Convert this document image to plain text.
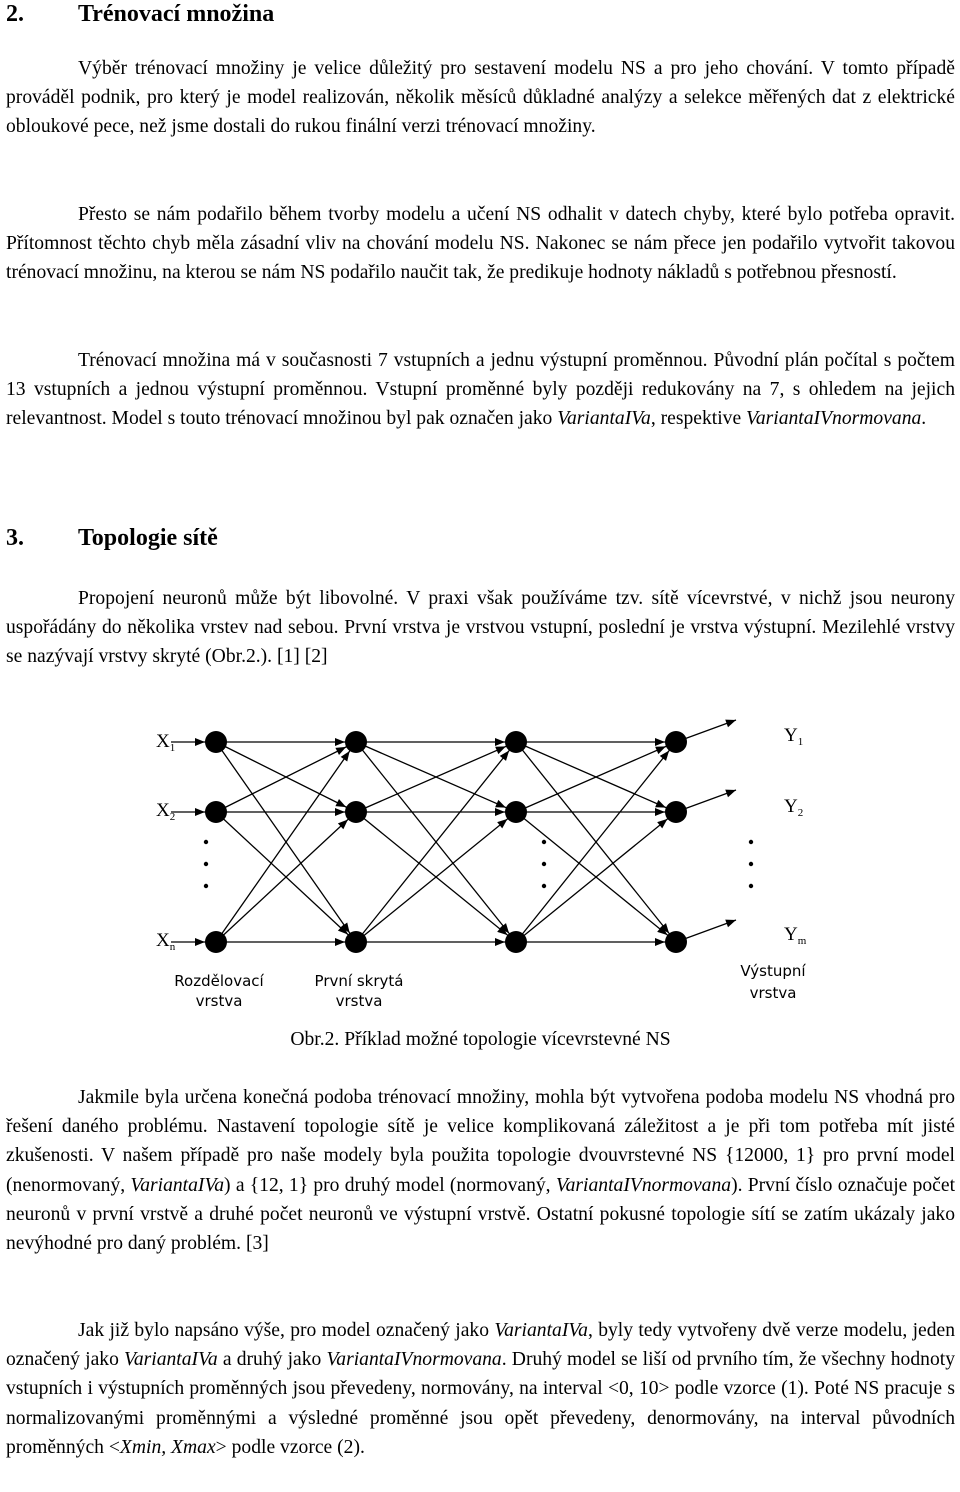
2. Trénovací množina

Výběr trénovací množiny je velice důležitý pro sestavení modelu NS a pro jeho chování. V tomto případě prováděl podnik, pro který je model realizován, několik měsíců důkladné analýzy a selekce měřených dat z elektrické obloukové pece, než jsme dostali do rukou finální verzi trénovací množiny.

Přesto se nám podařilo během tvorby modelu a učení NS odhalit v datech chyby, které bylo potřeba opravit. Přítomnost těchto chyb měla zásadní vliv na chování modelu NS. Nakonec se nám přece jen podařilo vytvořit takovou trénovací množinu, na kterou se nám NS podařilo naučit tak, že predikuje hodnoty nákladů s potřebnou přesností.

Trénovací množina má v současnosti 7 vstupních a jednu výstupní proměnnou. Původní plán počítal s počtem 13 vstupních a jednou výstupní proměnnou. Vstupní proměnné byly později redukovány na 7, s ohledem na jejich relevantnost. Model s touto trénovací množinou byl pak označen jako VariantaIVa, respektive VariantaIVnormovana.

3. Topologie sítě

Propojení neuronů může být libovolné. V praxi však používáme tzv. sítě vícevrstvé, v nichž jsou neurony uspořádány do několika vrstev nad sebou. První vrstva je vrstvou vstupní, poslední je vrstva výstupní. Mezilehlé vrstvy se nazývají vrstvy skryté (Obr.2.). [1] [2]

$X_1$
$X_2$
$X_n$
$Y_1$
$Y_2$
$Y_m$
Rozdělovací
vrstva
První skrytá
vrstva
Výstupní
vrstva
Obr.2. Příklad možné topologie vícevrstevné NS

Jakmile byla určena konečná podoba trénovací množiny, mohla být vytvořena podoba modelu NS vhodná pro řešení daného problému. Nastavení topologie sítě je velice komplikovaná záležitost a je při tom potřeba mít jisté zkušenosti. V našem případě pro naše modely byla použita topologie dvouvrstevné NS {12000, 1} pro první model (nenormovaný, VariantaIVa) a {12, 1} pro druhý model (normovaný, VariantaIVnormovana). První číslo označuje počet neuronů v první vrstvě a druhé počet neuronů ve výstupní vrstvě. Ostatní pokusné topologie sítí se zatím ukázaly jako nevýhodné pro daný problém. [3]

Jak již bylo napsáno výše, pro model označený jako VariantaIVa, byly tedy vytvořeny dvě verze modelu, jeden označený jako VariantaIVa a druhý jako VariantaIVnormovana. Druhý model se liší od prvního tím, že všechny hodnoty vstupních i výstupních proměnných jsou převedeny, normovány, na interval <0, 10> podle vzorce (1). Poté NS pracuje s normalizovanými proměnnými a výsledné proměnné jsou opět převedeny, denormovány, na interval původních proměnných <Xmin, Xmax> podle vzorce (2).
